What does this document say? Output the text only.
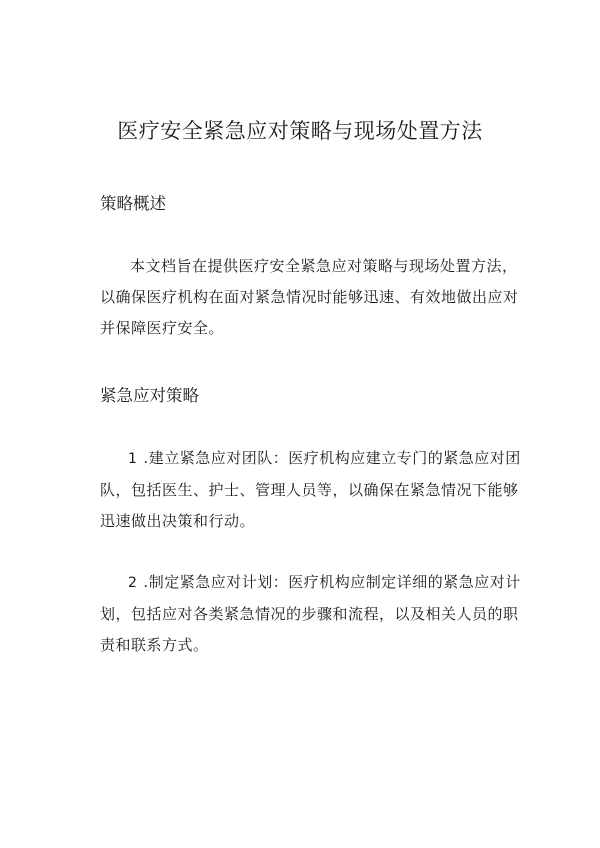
医疗安全紧急应对策略与现场处置方法
策略概述

本文档旨在提供医疗安全紧急应对策略与现场处置方法，以确保医疗机构在面对紧急情况时能够迅速、有效地做出应对并保障医疗安全。

紧急应对策略
1 .建立紧急应对团队：医疗机构应建立专门的紧急应对团队，包括医生、护士、管理人员等，以确保在紧急情况下能够迅速做出决策和行动。
2 .制定紧急应对计划：医疗机构应制定详细的紧急应对计划，包括应对各类紧急情况的步骤和流程，以及相关人员的职责和联系方式。
